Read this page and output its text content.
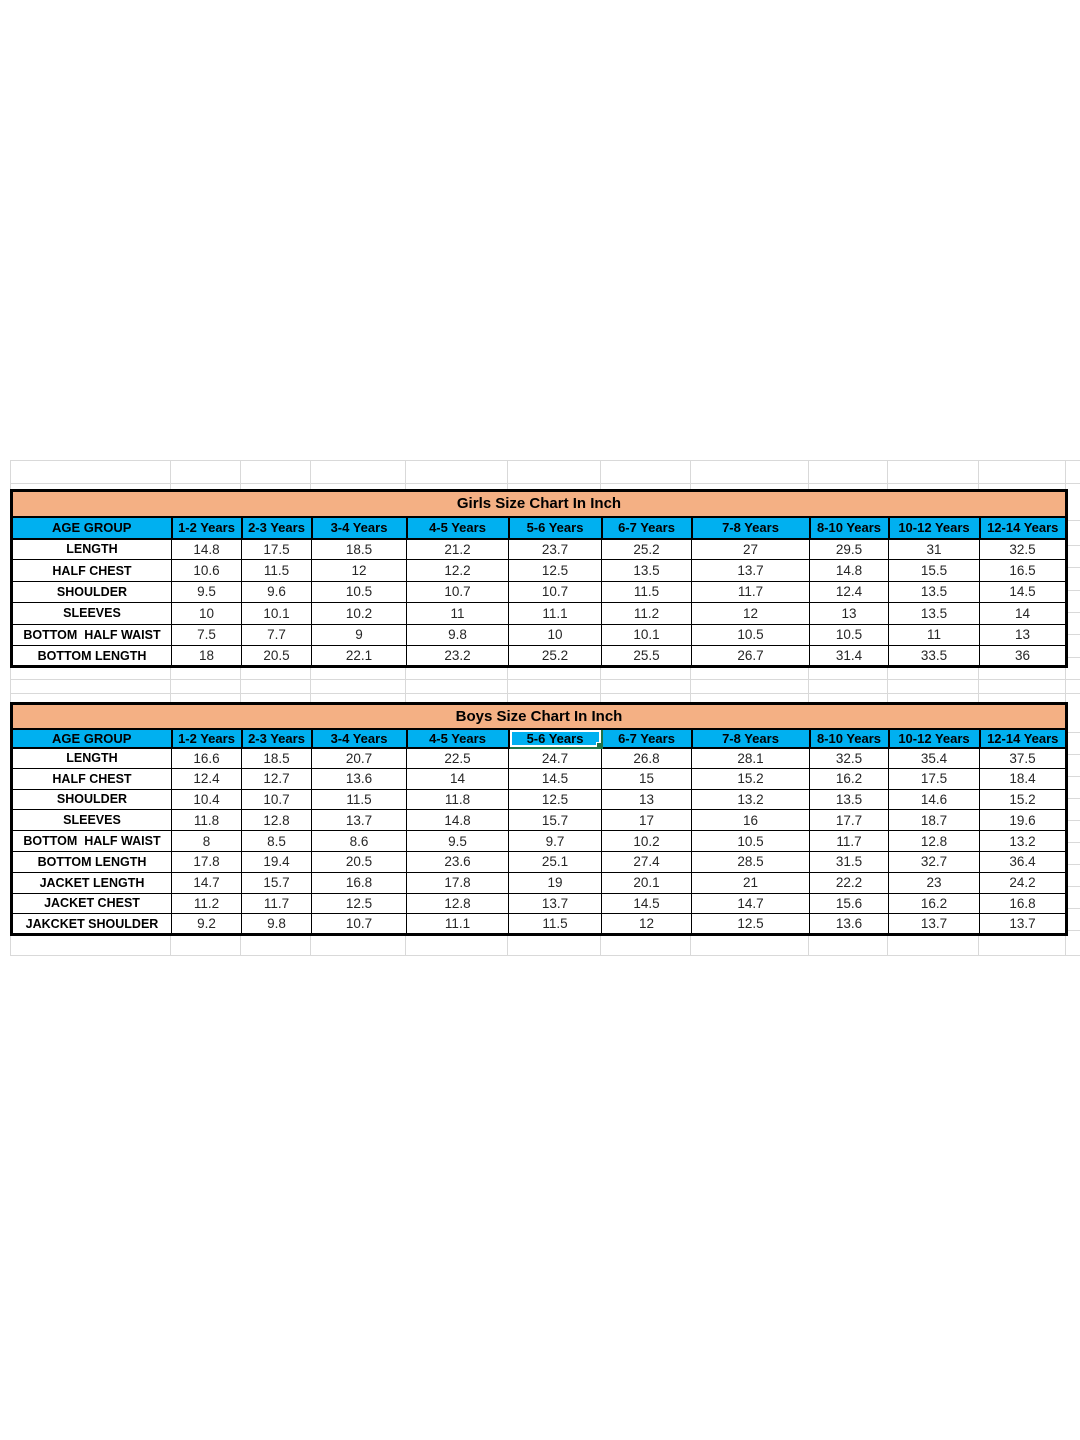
Girls Size Chart In Inch										
AGE GROUP	1-2 Years	2-3 Years	3-4 Years	4-5 Years	5-6 Years	6-7 Years	7-8 Years	8-10 Years	10-12 Years	12-14 Years
LENGTH	14.8	17.5	18.5	21.2	23.7	25.2	27	29.5	31	32.5
HALF CHEST	10.6	11.5	12	12.2	12.5	13.5	13.7	14.8	15.5	16.5
SHOULDER	9.5	9.6	10.5	10.7	10.7	11.5	11.7	12.4	13.5	14.5
SLEEVES	10	10.1	10.2	11	11.1	11.2	12	13	13.5	14
BOTTOM  HALF WAIST	7.5	7.7	9	9.8	10	10.1	10.5	10.5	11	13
BOTTOM LENGTH	18	20.5	22.1	23.2	25.2	25.5	26.7	31.4	33.5	36
Boys Size Chart In Inch										
AGE GROUP	1-2 Years	2-3 Years	3-4 Years	4-5 Years	5-6 Years	6-7 Years	7-8 Years	8-10 Years	10-12 Years	12-14 Years
LENGTH	16.6	18.5	20.7	22.5	24.7	26.8	28.1	32.5	35.4	37.5
HALF CHEST	12.4	12.7	13.6	14	14.5	15	15.2	16.2	17.5	18.4
SHOULDER	10.4	10.7	11.5	11.8	12.5	13	13.2	13.5	14.6	15.2
SLEEVES	11.8	12.8	13.7	14.8	15.7	17	16	17.7	18.7	19.6
BOTTOM  HALF WAIST	8	8.5	8.6	9.5	9.7	10.2	10.5	11.7	12.8	13.2
BOTTOM LENGTH	17.8	19.4	20.5	23.6	25.1	27.4	28.5	31.5	32.7	36.4
JACKET LENGTH	14.7	15.7	16.8	17.8	19	20.1	21	22.2	23	24.2
JACKET CHEST	11.2	11.7	12.5	12.8	13.7	14.5	14.7	15.6	16.2	16.8
JAKCKET SHOULDER	9.2	9.8	10.7	11.1	11.5	12	12.5	13.6	13.7	13.7
